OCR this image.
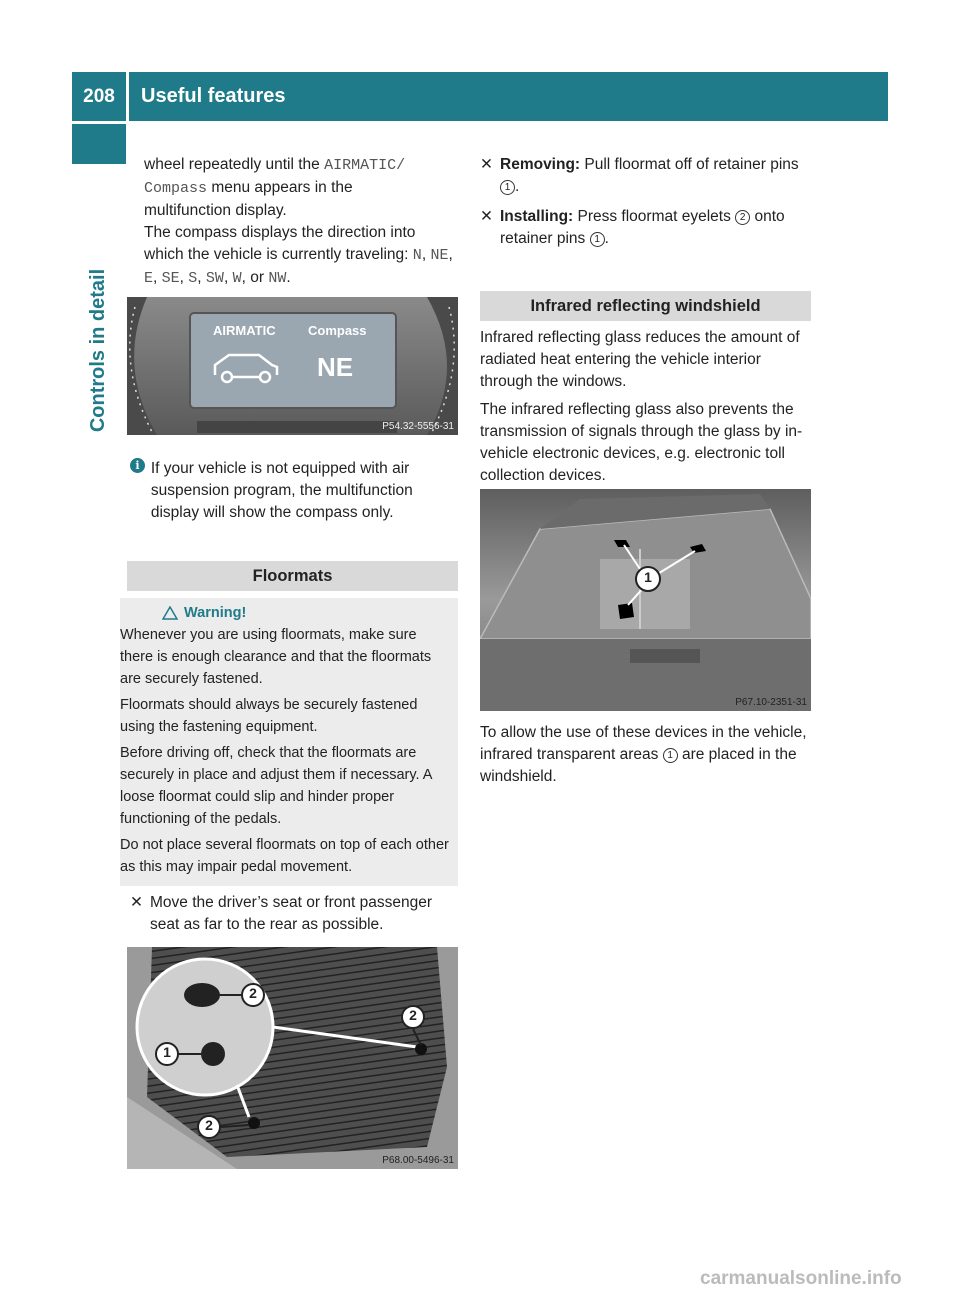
208	Useful features
Controls in detail

wheel repeatedly until the AIRMATIC/
Compass menu appears in the
multifunction display.

The compass displays the direction into which the vehicle is currently traveling: N, NE, E, SE, S, SW, W, or NW.

AIRMATIC Compass
NE
P54.32-5556-31
i If your vehicle is not equipped with air suspension program, the multifunction display will show the compass only.
Floormats
Warning!

Whenever you are using floormats, make sure there is enough clearance and that the floormats are securely fastened.

Floormats should always be securely fastened using the fastening equipment.

Before driving off, check that the floormats are securely in place and adjust them if necessary. A loose floormat could slip and hinder proper functioning of the pedals.

Do not place several floormats on top of each other as this may impair pedal movement.

✕ Move the driver’s seat or front passenger seat as far to the rear as possible.
2
1
2
2
P68.00-5496-31
✕ Removing: Pull floormat off of retainer pins 1 .
✕ Installing: Press floormat eyelets 2 onto retainer pins 1 .
Infrared reflecting windshield

Infrared reflecting glass reduces the amount of radiated heat entering the vehicle interior through the windows.

The infrared reflecting glass also prevents the transmission of signals through the glass by in-vehicle electronic devices, e.g. electronic toll collection devices.

1
P67.10-2351-31

To allow the use of these devices in the vehicle, infrared transparent areas 1 are placed in the windshield.

carmanualsonline.info
